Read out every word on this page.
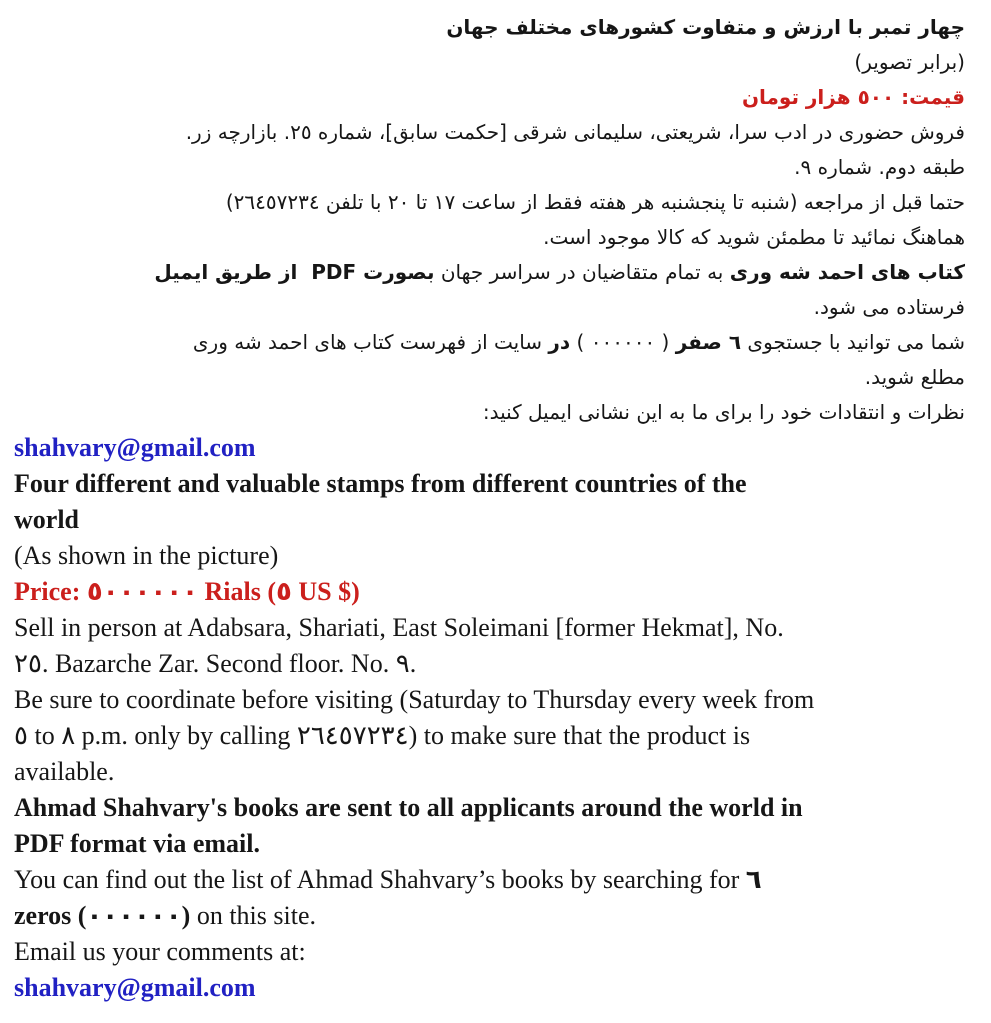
چهار تمبر با ارزش و متفاوت کشورهای مختلف جهان
(برابر تصویر)
قیمت: ٥٠٠ هزار تومان
فروش حضوری در ادب سرا، شریعتی، سلیمانی شرقی [حکمت سابق]، شماره ٢٥. بازارچه زر.
طبقه دوم. شماره ٩.
حتما قبل از مراجعه (شنبه تا پنجشنبه هر هفته فقط از ساعت ١٧ تا ٢٠ با تلفن ٢٦٤٥٧٢٣٤)
هماهنگ نمائید تا مطمئن شوید که کالا موجود است.
کتاب های احمد شه وری به تمام متقاضیان در سراسر جهان بصورت PDF  از طریق ایمیل
فرستاده می شود.
شما می توانید با جستجوی ٦ صفر ( ٠٠٠٠٠٠ ) در سایت از فهرست کتاب های احمد شه وری
مطلع شوید.
نظرات و انتقادات خود را برای ما به این نشانی ایمیل کنید:
shahvary@gmail.com
Four different and valuable stamps from different countries of the
world
(As shown in the picture)
Price: ٥٠٠٠٠٠٠ Rials (٥ US $)
Sell in person at Adabsara, Shariati, East Soleimani [former Hekmat], No.
٢٥. Bazarche Zar. Second floor. No. ٩.
Be sure to coordinate before visiting (Saturday to Thursday every week from
٥ to ٨ p.m. only by calling ٢٦٤٥٧٢٣٤) to make sure that the product is
available.
Ahmad Shahvary's books are sent to all applicants around the world in
PDF format via email.
You can find out the list of Ahmad Shahvary’s books by searching for ٦
zeros (٠٠٠٠٠٠) on this site.
Email us your comments at:
shahvary@gmail.com
